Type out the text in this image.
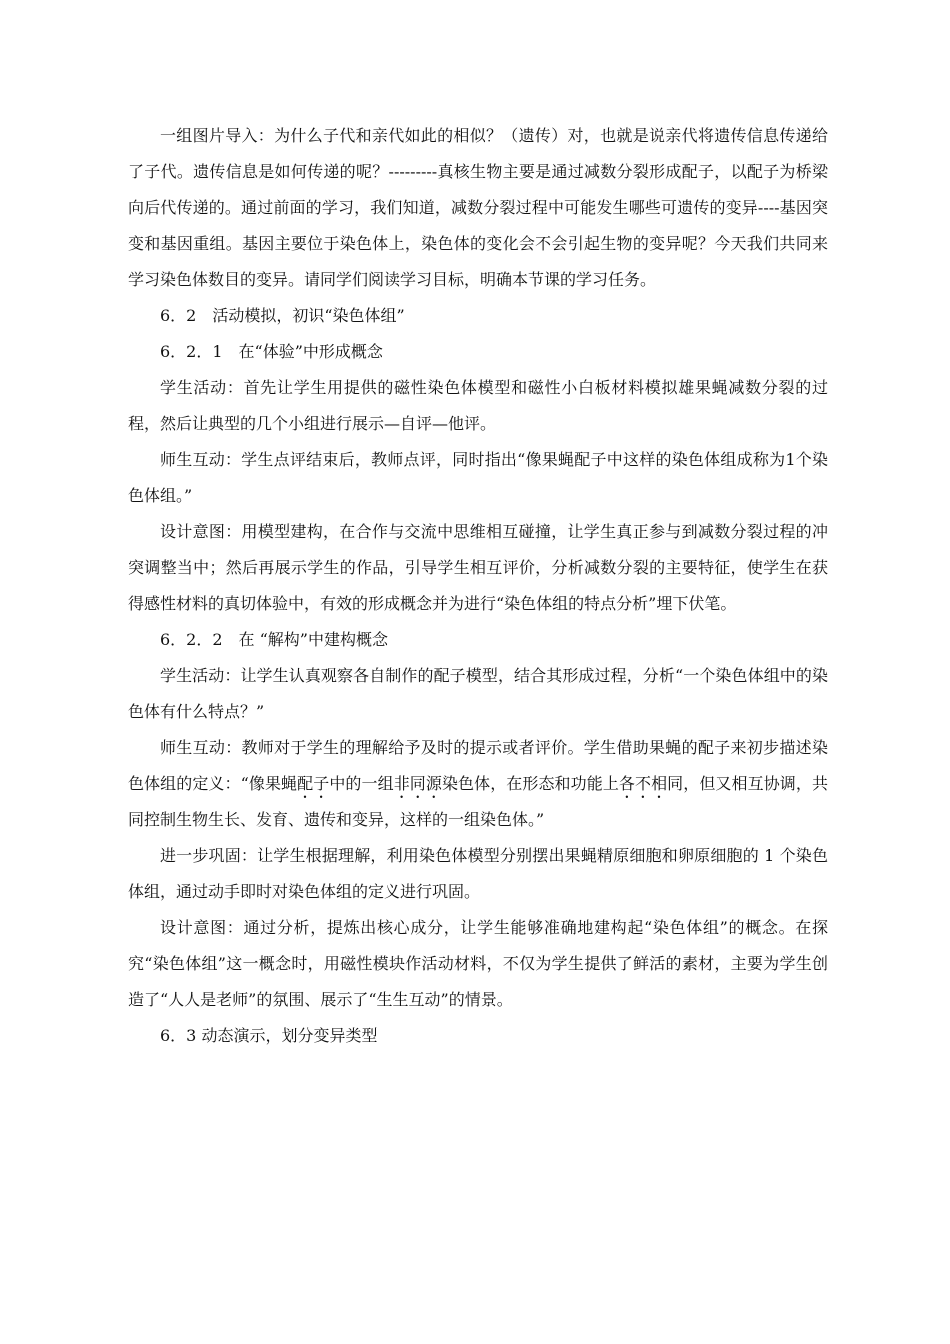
一组图片导入：为什么子代和亲代如此的相似？（遗传）对，也就是说亲代将遗传信息传递给了子代。遗传信息是如何传递的呢？---------真核生物主要是通过减数分裂形成配子，以配子为桥梁向后代传递的。通过前面的学习，我们知道，减数分裂过程中可能发生哪些可遗传的变异----基因突变和基因重组。基因主要位于染色体上，染色体的变化会不会引起生物的变异呢？今天我们共同来学习染色体数目的变异。请同学们阅读学习目标，明确本节课的学习任务。

6．2　活动模拟，初识“染色体组”

6．2．1　在“体验”中形成概念

学生活动：首先让学生用提供的磁性染色体模型和磁性小白板材料模拟雄果蝇减数分裂的过程，然后让典型的几个小组进行展示—自评—他评。

师生互动：学生点评结束后，教师点评，同时指出“像果蝇配子中这样的染色体组成称为1个染色体组。”

设计意图：用模型建构，在合作与交流中思维相互碰撞，让学生真正参与到减数分裂过程的冲突调整当中；然后再展示学生的作品，引导学生相互评价，分析减数分裂的主要特征，使学生在获得感性材料的真切体验中，有效的形成概念并为进行“染色体组的特点分析”埋下伏笔。

6．2．2　在 “解构”中建构概念

学生活动：让学生认真观察各自制作的配子模型，结合其形成过程，分析“一个染色体组中的染色体有什么特点？”

师生互动：教师对于学生的理解给予及时的提示或者评价。学生借助果蝇的配子来初步描述染色体组的定义：“像果蝇配子中的一组非同源染色体，在形态和功能上各不相同，但又相互协调，共同控制生物生长、发育、遗传和变异，这样的一组染色体。”

进一步巩固：让学生根据理解，利用染色体模型分别摆出果蝇精原细胞和卵原细胞的 1 个染色体组，通过动手即时对染色体组的定义进行巩固。

设计意图：通过分析，提炼出核心成分，让学生能够准确地建构起“染色体组”的概念。在探究“染色体组”这一概念时，用磁性模块作活动材料，不仅为学生提供了鲜活的素材，主要为学生创造了“人人是老师”的氛围、展示了“生生互动”的情景。

6．3 动态演示，划分变异类型
